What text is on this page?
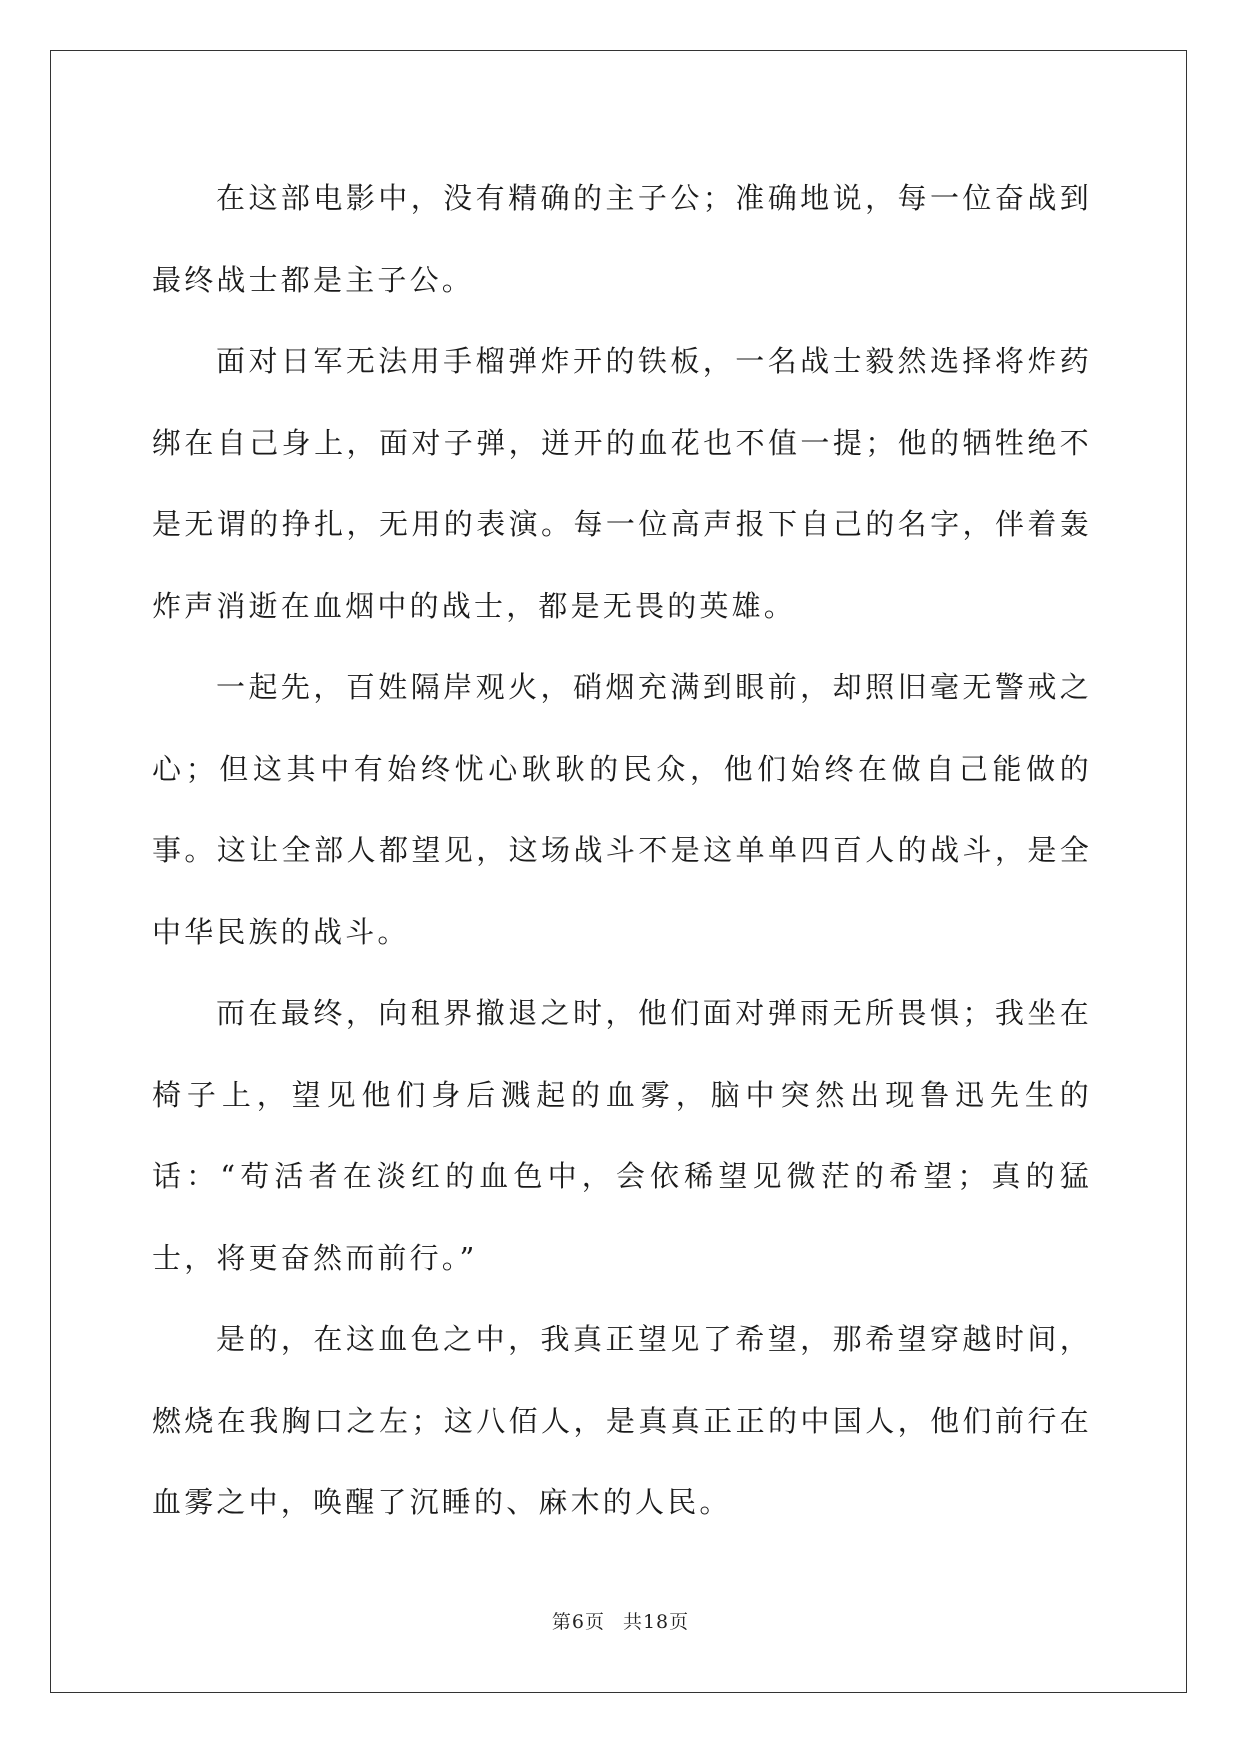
在这部电影中，没有精确的主子公；准确地说，每一位奋战到最终战士都是主子公。

面对日军无法用手榴弹炸开的铁板，一名战士毅然选择将炸药绑在自己身上，面对子弹，迸开的血花也不值一提；他的牺牲绝不是无谓的挣扎，无用的表演。每一位高声报下自己的名字，伴着轰炸声消逝在血烟中的战士，都是无畏的英雄。

一起先，百姓隔岸观火，硝烟充满到眼前，却照旧毫无警戒之心；但这其中有始终忧心耿耿的民众，他们始终在做自己能做的事。这让全部人都望见，这场战斗不是这单单四百人的战斗，是全中华民族的战斗。

而在最终，向租界撤退之时，他们面对弹雨无所畏惧；我坐在椅子上，望见他们身后溅起的血雾，脑中突然出现鲁迅先生的话：“苟活者在淡红的血色中，会依稀望见微茫的希望；真的猛士，将更奋然而前行。”

是的，在这血色之中，我真正望见了希望，那希望穿越时间，燃烧在我胸口之左；这八佰人，是真真正正的中国人，他们前行在血雾之中，唤醒了沉睡的、麻木的人民。

第6页 共18页
